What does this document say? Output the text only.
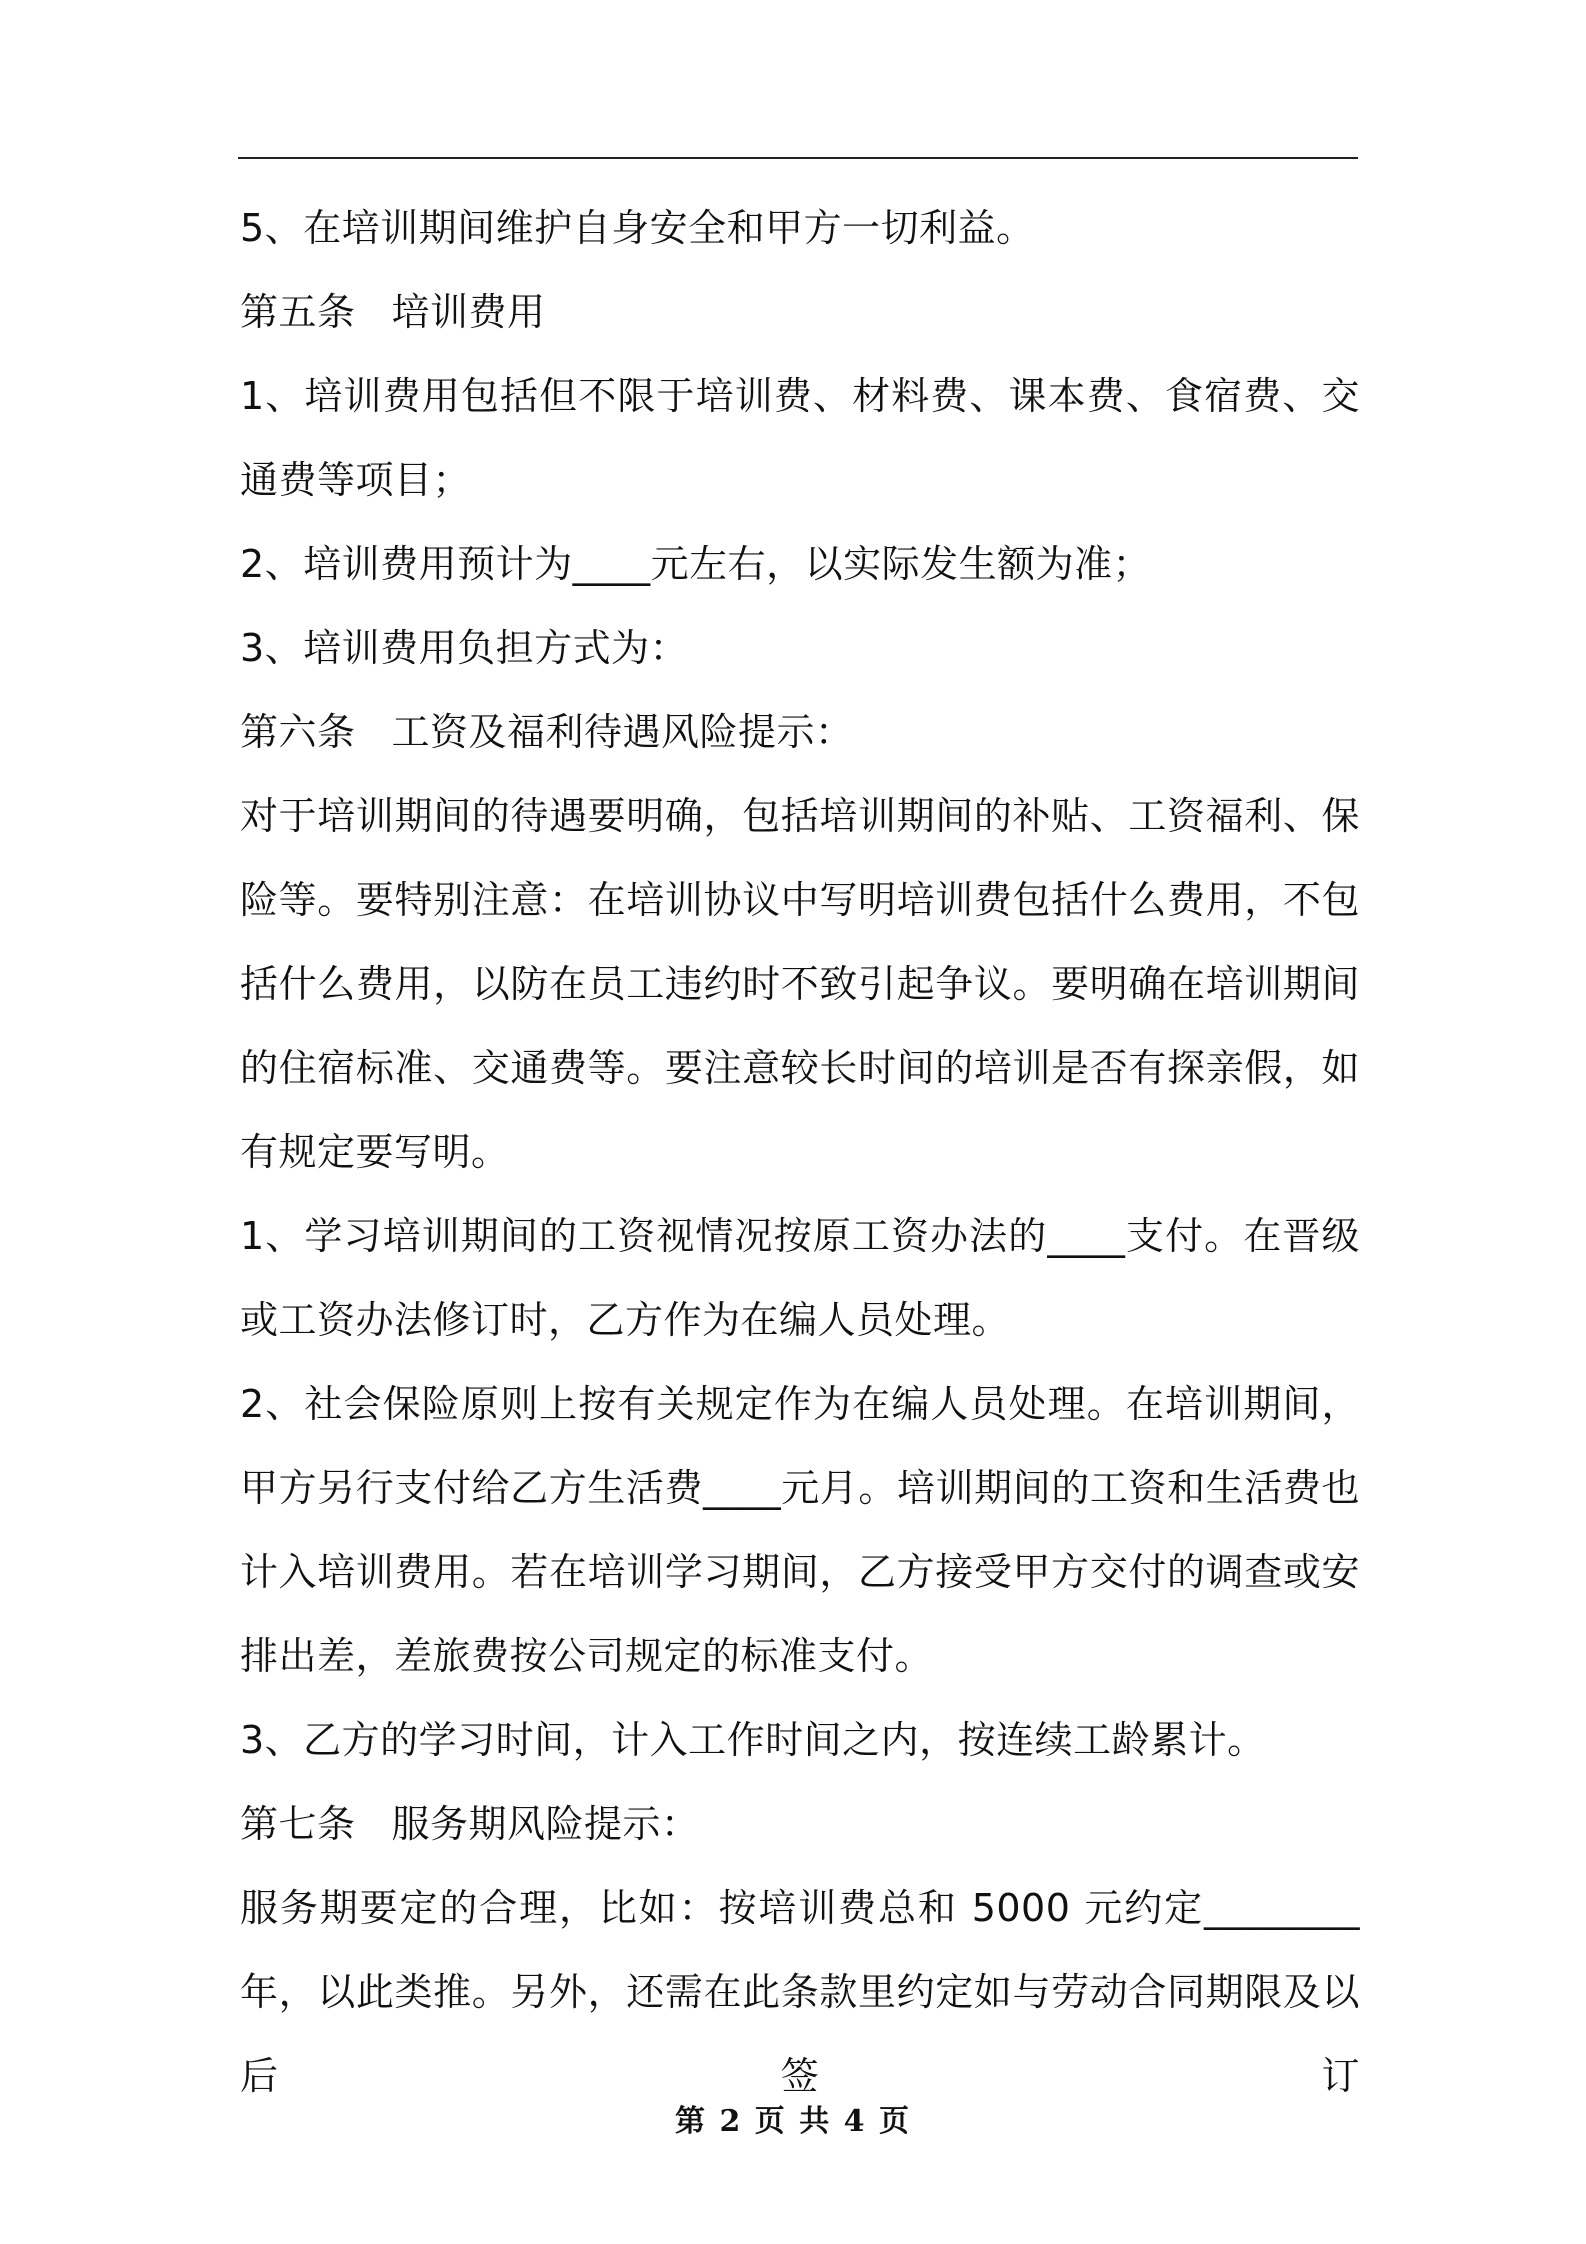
5、在培训期间维护自身安全和甲方一切利益。

第五条 培训费用

1、培训费用包括但不限于培训费、材料费、课本费、食宿费、交通费等项目；

2、培训费用预计为____元左右，以实际发生额为准；

3、培训费用负担方式为：

第六条 工资及福利待遇风险提示：

对于培训期间的待遇要明确，包括培训期间的补贴、工资福利、保险等。要特别注意：在培训协议中写明培训费包括什么费用，不包括什么费用，以防在员工违约时不致引起争议。要明确在培训期间的住宿标准、交通费等。要注意较长时间的培训是否有探亲假，如有规定要写明。

1、学习培训期间的工资视情况按原工资办法的____支付。在晋级或工资办法修订时，乙方作为在编人员处理。

2、社会保险原则上按有关规定作为在编人员处理。在培训期间，甲方另行支付给乙方生活费____元月。培训期间的工资和生活费也计入培训费用。若在培训学习期间，乙方接受甲方交付的调查或安排出差，差旅费按公司规定的标准支付。

3、乙方的学习时间，计入工作时间之内，按连续工龄累计。

第七条 服务期风险提示：

服务期要定的合理，比如：按培训费总和 5000 元约定________年，以此类推。另外，还需在此条款里约定如与劳动合同期限及以后签订

第 2 页 共 4 页
